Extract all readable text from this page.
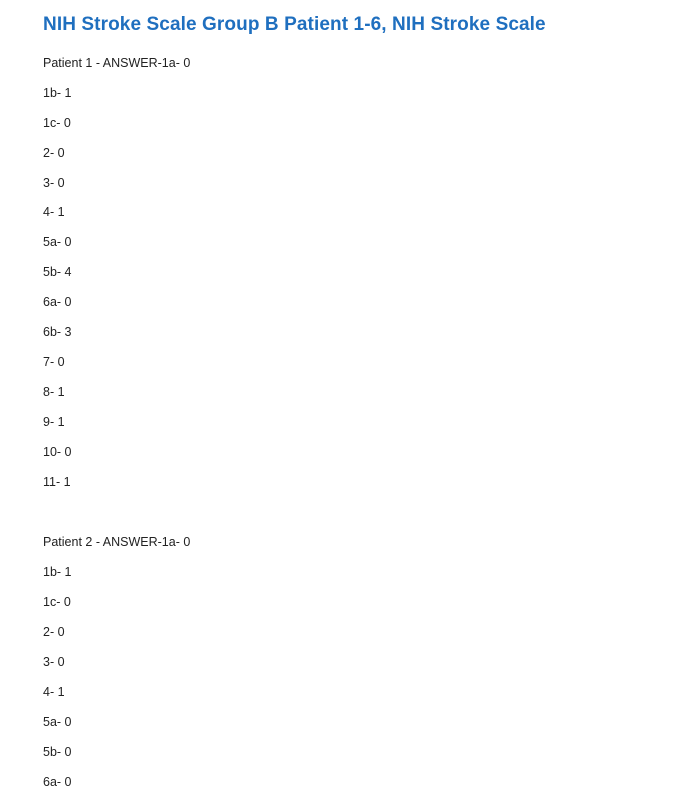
NIH Stroke Scale Group B Patient 1-6, NIH Stroke Scale

Patient 1 - ANSWER-1a- 0

1b- 1

1c- 0

2- 0

3- 0

4- 1

5a- 0

5b- 4

6a- 0

6b- 3

7- 0

8- 1

9- 1

10- 0

11- 1

Patient 2 - ANSWER-1a- 0

1b- 1

1c- 0

2- 0

3- 0

4- 1

5a- 0

5b- 0

6a- 0
